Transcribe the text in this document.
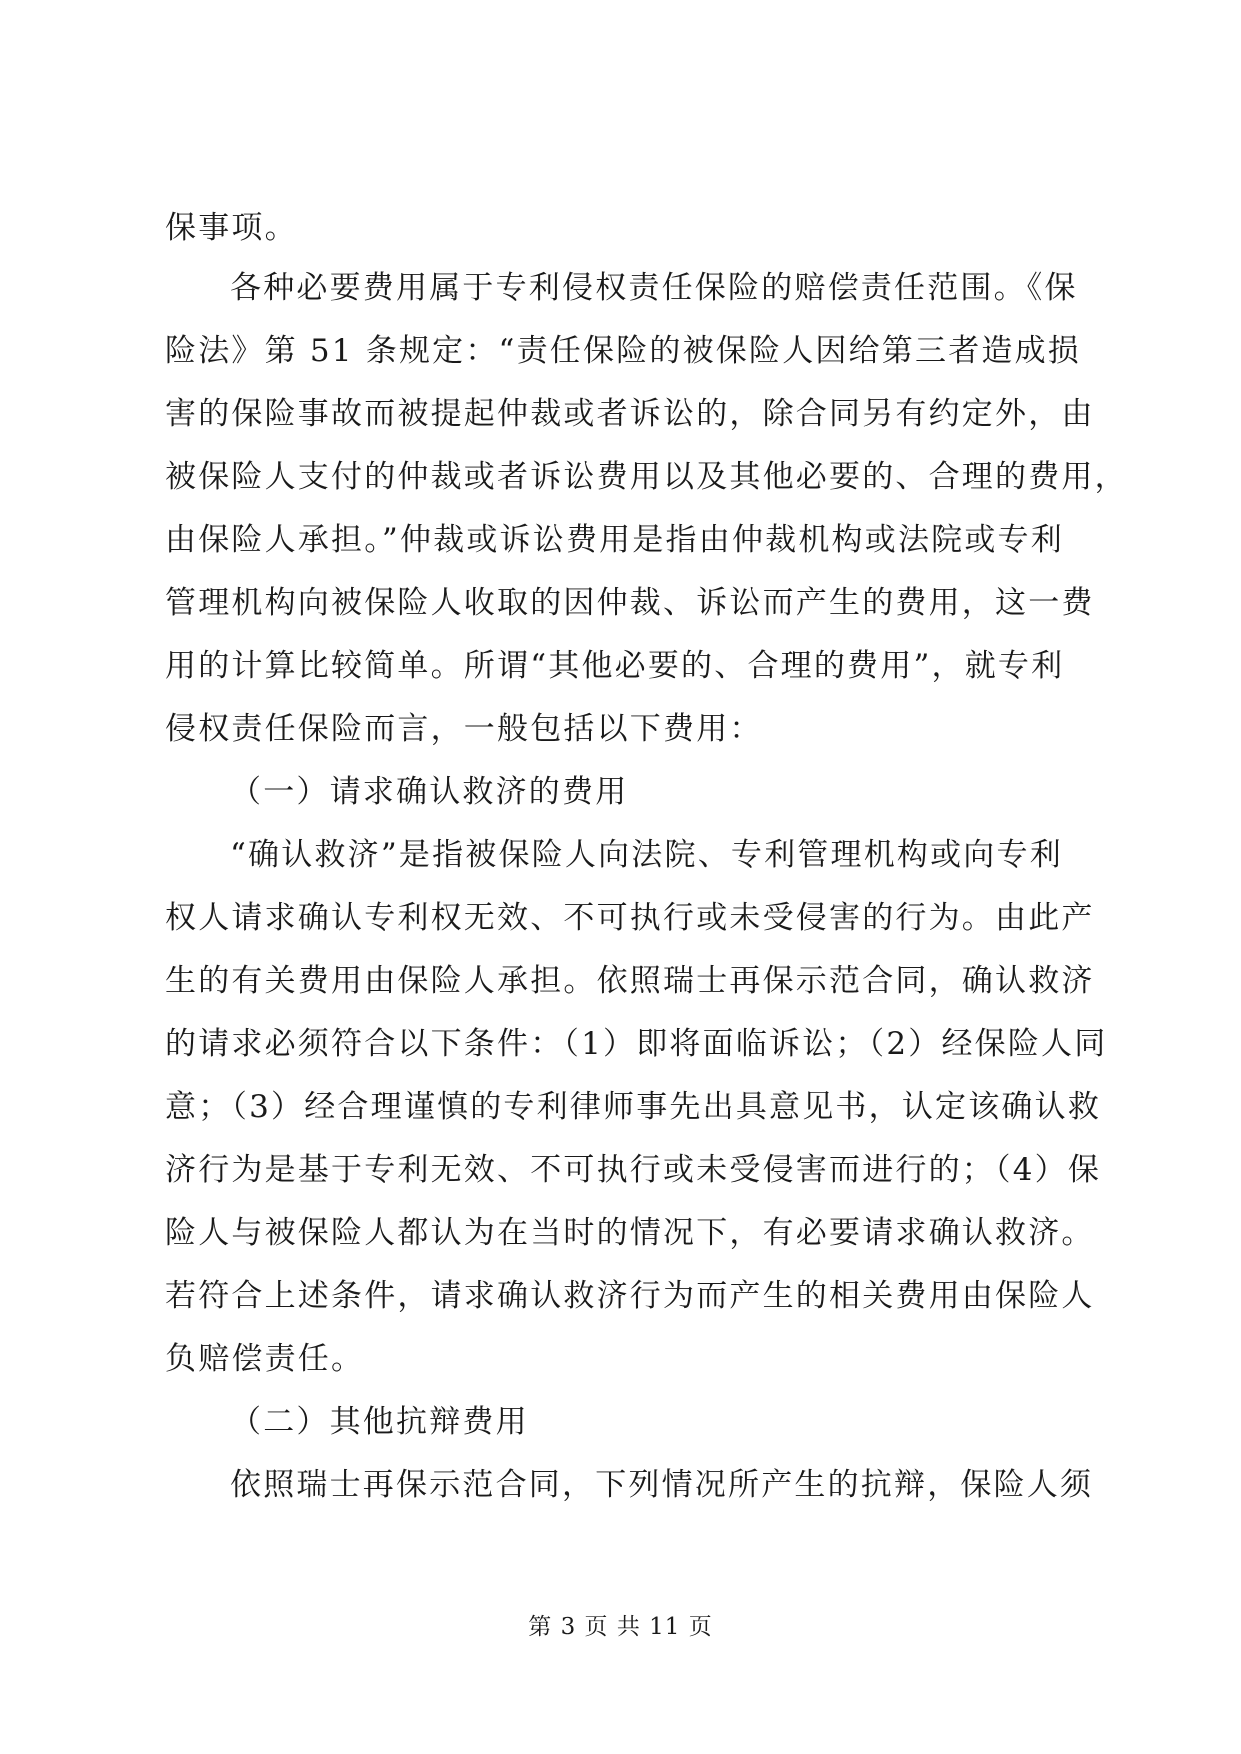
保事项。
各种必要费用属于专利侵权责任保险的赔偿责任范围。《保
险法》第 51 条规定：“责任保险的被保险人因给第三者造成损
害的保险事故而被提起仲裁或者诉讼的，除合同另有约定外，由
被保险人支付的仲裁或者诉讼费用以及其他必要的、合理的费用，
由保险人承担。”仲裁或诉讼费用是指由仲裁机构或法院或专利
管理机构向被保险人收取的因仲裁、诉讼而产生的费用，这一费
用的计算比较简单。所谓“其他必要的、合理的费用”，就专利
侵权责任保险而言，一般包括以下费用：
（一）请求确认救济的费用
“确认救济”是指被保险人向法院、专利管理机构或向专利
权人请求确认专利权无效、不可执行或未受侵害的行为。由此产
生的有关费用由保险人承担。依照瑞士再保示范合同，确认救济
的请求必须符合以下条件：（1）即将面临诉讼；（2）经保险人同
意；（3）经合理谨慎的专利律师事先出具意见书，认定该确认救
济行为是基于专利无效、不可执行或未受侵害而进行的；（4）保
险人与被保险人都认为在当时的情况下，有必要请求确认救济。
若符合上述条件，请求确认救济行为而产生的相关费用由保险人
负赔偿责任。
（二）其他抗辩费用
依照瑞士再保示范合同，下列情况所产生的抗辩，保险人须
第 3 页 共 11 页
